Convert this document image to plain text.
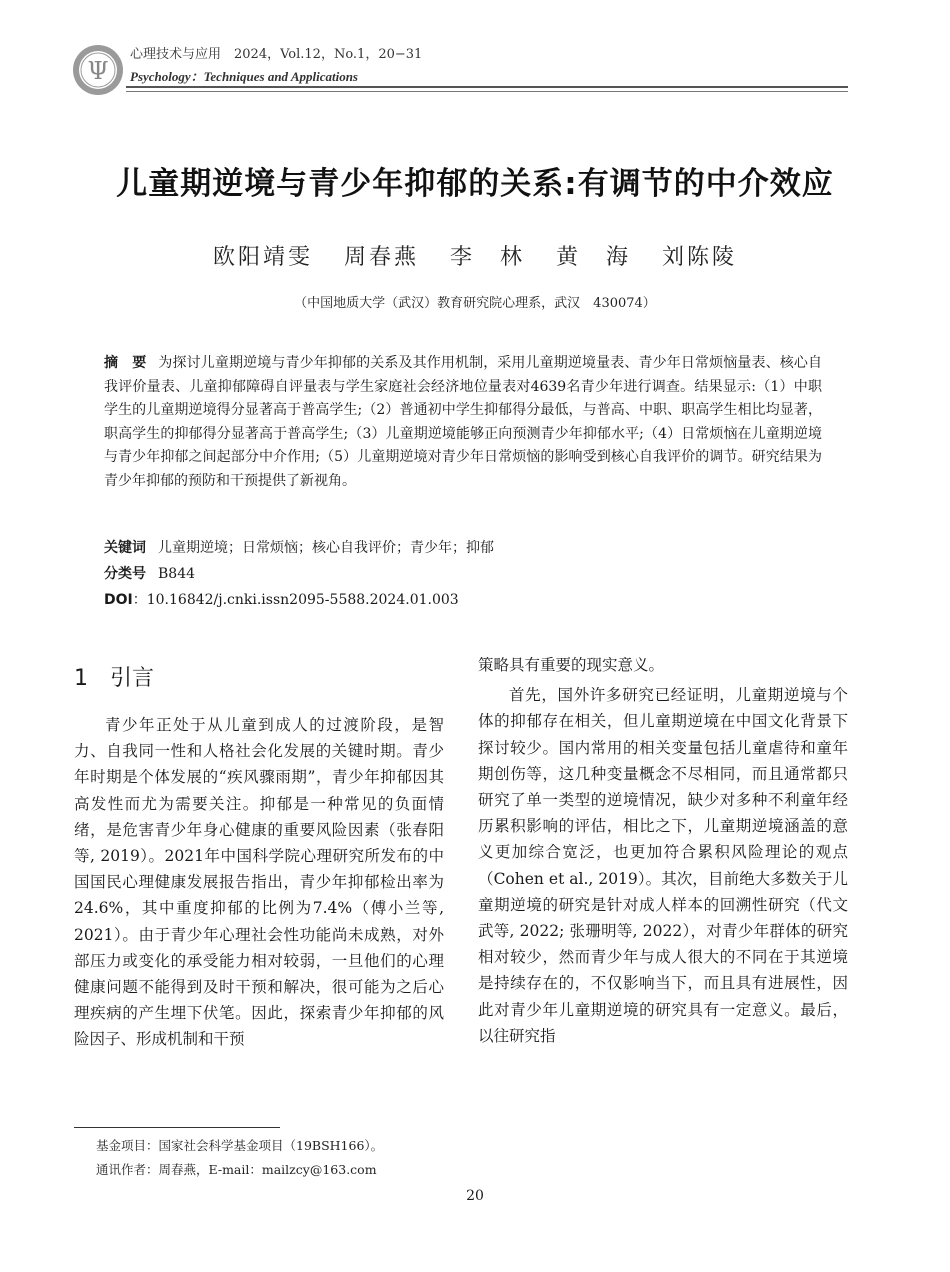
Ψ
心理技术与应用　2024，Vol.12，No.1，20−31
Psychology：Techniques and Applications
儿童期逆境与青少年抑郁的关系:有调节的中介效应
欧阳靖雯 周春燕 李　林 黄　海 刘陈陵
（中国地质大学（武汉）教育研究院心理系，武汉　430074）
摘　要 为探讨儿童期逆境与青少年抑郁的关系及其作用机制，采用儿童期逆境量表、青少年日常烦恼量表、核心自我评价量表、儿童抑郁障碍自评量表与学生家庭社会经济地位量表对4639名青少年进行调查。结果显示:（1）中职学生的儿童期逆境得分显著高于普高学生;（2）普通初中学生抑郁得分最低，与普高、中职、职高学生相比均显著，职高学生的抑郁得分显著高于普高学生;（3）儿童期逆境能够正向预测青少年抑郁水平;（4）日常烦恼在儿童期逆境与青少年抑郁之间起部分中介作用;（5）儿童期逆境对青少年日常烦恼的影响受到核心自我评价的调节。研究结果为青少年抑郁的预防和干预提供了新视角。
关键词 儿童期逆境；日常烦恼；核心自我评价；青少年；抑郁
分类号 B844
DOI：10.16842/j.cnki.issn2095-5588.2024.01.003
1 引言

青少年正处于从儿童到成人的过渡阶段，是智力、自我同一性和人格社会化发展的关键时期。青少年时期是个体发展的“疾风骤雨期”，青少年抑郁因其高发性而尤为需要关注。抑郁是一种常见的负面情绪，是危害青少年身心健康的重要风险因素（张春阳等, 2019）。2021年中国科学院心理研究所发布的中国国民心理健康发展报告指出，青少年抑郁检出率为24.6%，其中重度抑郁的比例为7.4%（傅小兰等, 2021）。由于青少年心理社会性功能尚未成熟，对外部压力或变化的承受能力相对较弱，一旦他们的心理健康问题不能得到及时干预和解决，很可能为之后心理疾病的产生埋下伏笔。因此，探索青少年抑郁的风险因子、形成机制和干预

策略具有重要的现实意义。

首先，国外许多研究已经证明，儿童期逆境与个体的抑郁存在相关，但儿童期逆境在中国文化背景下探讨较少。国内常用的相关变量包括儿童虐待和童年期创伤等，这几种变量概念不尽相同，而且通常都只研究了单一类型的逆境情况，缺少对多种不利童年经历累积影响的评估，相比之下，儿童期逆境涵盖的意义更加综合宽泛，也更加符合累积风险理论的观点（Cohen et al., 2019）。其次，目前绝大多数关于儿童期逆境的研究是针对成人样本的回溯性研究（代文武等, 2022; 张珊明等, 2022），对青少年群体的研究相对较少，然而青少年与成人很大的不同在于其逆境是持续存在的，不仅影响当下，而且具有进展性，因此对青少年儿童期逆境的研究具有一定意义。最后，以往研究指

基金项目：国家社会科学基金项目（19BSH166）。
通讯作者：周春燕，E-mail：mailzcy@163.com
20
